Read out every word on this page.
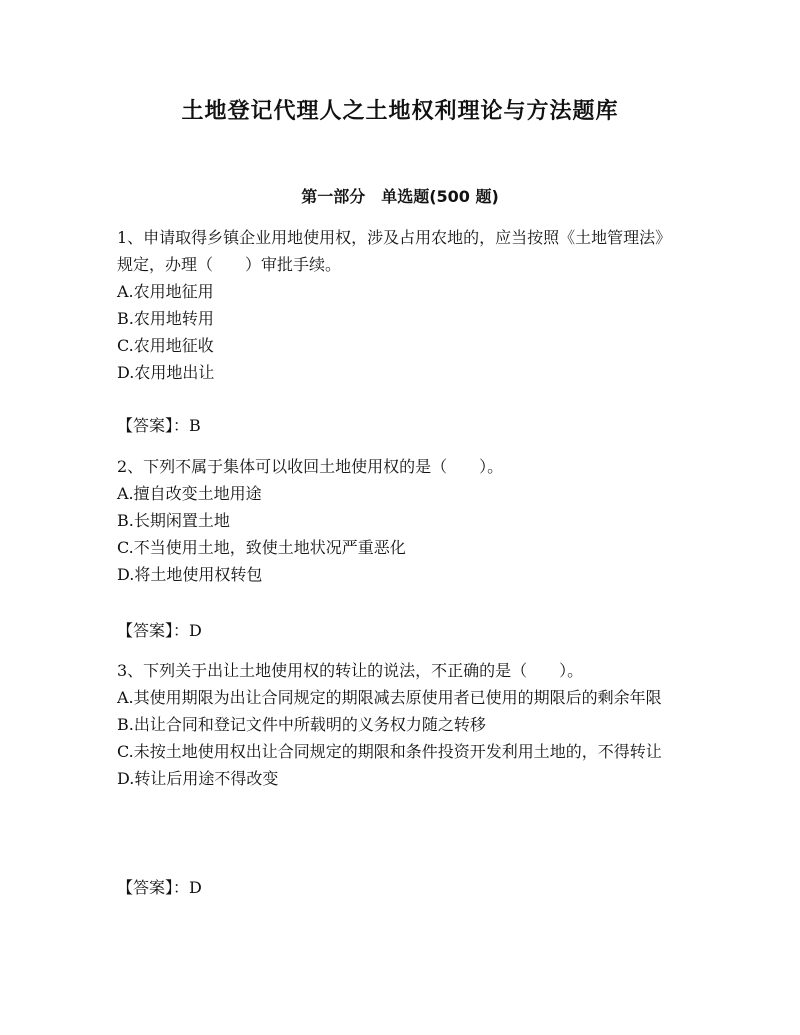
土地登记代理人之土地权利理论与方法题库
第一部分　单选题(500 题)

1、申请取得乡镇企业用地使用权，涉及占用农地的，应当按照《土地管理法》规定，办理（　　）审批手续。

A.农用地征用

B.农用地转用

C.农用地征收

D.农用地出让

【答案】：B

2、下列不属于集体可以收回土地使用权的是（　　）。

A.擅自改变土地用途

B.长期闲置土地

C.不当使用土地，致使土地状况严重恶化

D.将土地使用权转包

【答案】：D

3、下列关于出让土地使用权的转让的说法，不正确的是（　　）。

A.其使用期限为出让合同规定的期限减去原使用者已使用的期限后的剩余年限

B.出让合同和登记文件中所载明的义务权力随之转移

C.未按土地使用权出让合同规定的期限和条件投资开发利用土地的，不得转让

D.转让后用途不得改变

【答案】：D
